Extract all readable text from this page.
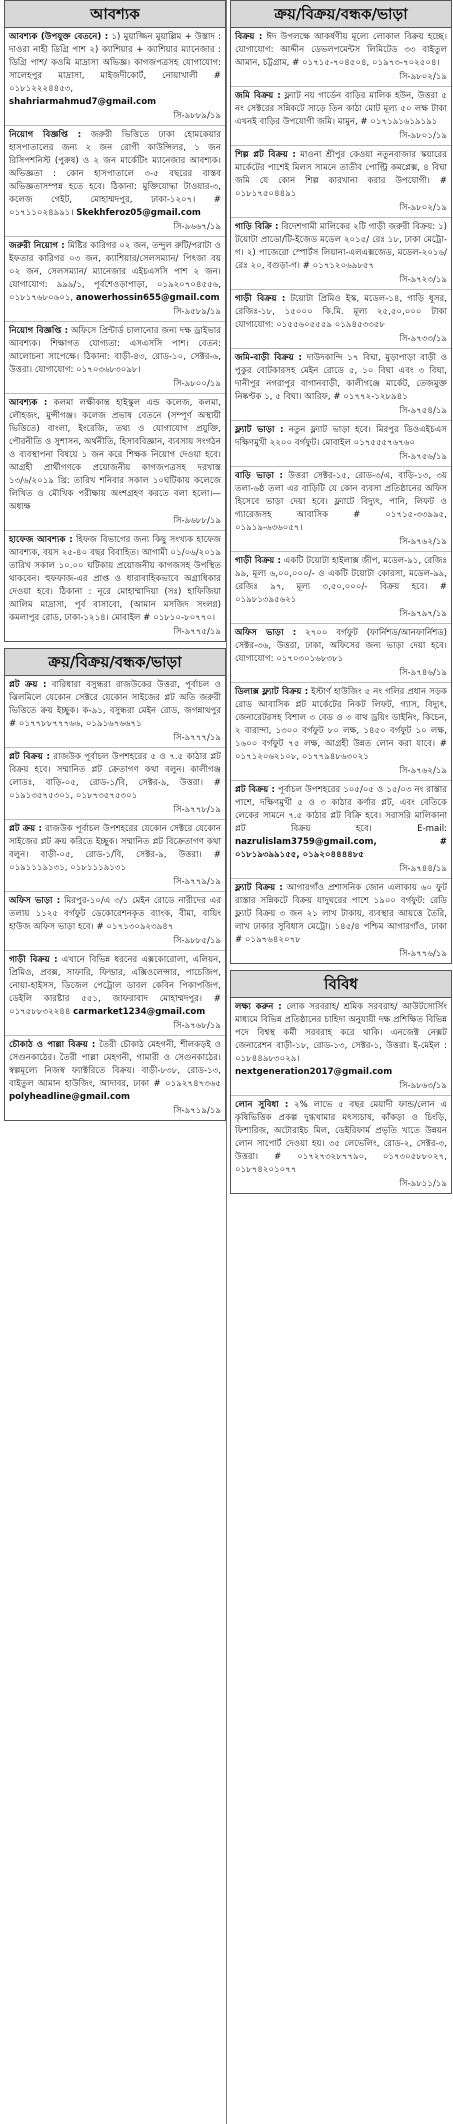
আবশ্যক
আবশ্যক (উপযুক্ত বেতনে) : ১) মুয়াজ্জিন মুয়াল্লিম + উস্তাদ : দাওরা নাহী ডিগ্রি পাশ ২) ক্যাশিয়ার + ক্যাশিয়ার ম্যানেজার : ডিগ্রি পাশ/ কওমি মাদ্রাসা অভিজ্ঞ। কাগজপত্রসহ যোগাযোগ: সালেহপুর মাদ্রাসা, মাইজদীকোর্ট, নোয়াখালী # ০১৮১২২২৪৪৫৩, shahriarmahmud7@gmail.com
সি-৯৮৮৯/১৯
নিয়োগ বিজ্ঞপ্তি : জরুরী ভিত্তিতে ঢাকা হোমকেয়ার হাসপাতালের জন্য ২ জন রোগী কাউন্সিলর, ১ জন রিসিপশনিস্ট (পুরুষ) ও ২ জন মার্কেটিং ম্যানেজার আবশ্যক। অভিজ্ঞতা : কোন হাসপাতালে ৩-৫ বছরের বাস্তব অভিজ্ঞতাসম্পন্ন হতে হবে। ঠিকানা: মুক্তিযোদ্ধা টাওয়ার-৩, কলেজ গেইট, মোহাম্মদপুর, ঢাকা-১২০৭। # ০১৭১১০২৪৯৯১। Skekhferoz05@gmail.com
সি-৯৬৬৭/১৯
জরুরী নিয়োগ : মিষ্টির কারিগর ০২ জন, তন্দুল রুটি/পরাটা ও ইফতার কারিগর ০৩ জন, ক্যাশিয়ার/সেলসম্যান/ পিৎজা বয় ০২ জন, সেলসম্যান/ ম্যানেজার এইচএসসি পাশ ২ জন। যোগাযোগ: ৯৯৯/১, পূর্বশেওড়াপাড়া, ০১৯২০৭০৪৫৫৬, ০১৮১৭৬৮০৬০১, anowerhossin655@gmail.com
সি-৯৫৮৯/১৯
নিয়োগ বিজ্ঞপ্তি : অফিসে প্রিন্টার্ড চালানোর জন্য দক্ষ ড্রাইভার আবশ্যক। শিক্ষাগত যোগ্যতা: এসএসসি পাশ। বেতন: আলোচনা সাপেক্ষে। ঠিকানা: বাড়ী-৪৩, রোড-১০, সেক্টর-৬, উত্তরা। যোগাযোগ: ০১৭০৩৬৮৩০৯৮।
সি-৯৮০০/১৯
আবশ্যক : কলমা লক্ষীকান্ত হাইস্কুল এন্ড কলেজ, কলমা, লৌহজং, মুন্সীগঞ্জ। কলেজ প্রভাষ বেতনে (সম্পূর্ণ অস্থায়ী ভিত্তিতে) বাংলা, ইংরেজি, তথ্য ও যোগাযোগ প্রযুক্তি, পৌরনীতি ও সুশাসন, অর্থনীতি, হিসাববিজ্ঞান, ব্যবসায় সংগঠন ও ব্যবস্থাপনা বিষয়ে ১ জন করে শিক্ষক নিয়োগ দেওয়া হবে। আগ্রহী প্রার্থীগণকে প্রয়োজনীয় কাগজপত্রসহ দরখাস্ত ১৩/৬/২০১৯ খ্রি: তারিখ শনিবার সকাল ১০ঘটিকায় কলেজে লিখিত ও মৌখিক পরীক্ষায় অংশগ্রহণ করতে বলা হলো।—অধ্যক্ষ
সি-৯৬৮৮/১৯
হাফেজ আবশ্যক : হিফজ বিভাগের জন্য কিছু সংখ্যক হাফেজ আবশ্যক, বয়স ২৫-৪০ বছর বিবাহিত। আগামী ০১/০৬/২০১৯ তারিখ সকাল ১০.০০ ঘটিকায় প্রয়োজনীয় কাগজসহ উপস্থিত থাকবেন। হুফফাজ-এর প্রাপ্ত ও ধারাবাহিকভাবে অগ্রাধিকার দেওয়া হবে। ঠিকানা : নূরে মোহাম্মাদিয়া (সঃ) হাফিজিয়া আলিম মাদ্রাসা, পূর্ব বাসাবো, (আমান মসজিদ সংলগ্ন) কমলাপুর রোড, ঢাকা-১২১৪। মোবাইল # ০১৮১০-৮০৭৭০।
সি-৯৭৭৫/১৯
ক্রয়/বিক্রয়/বন্ধক/ভাড়া
প্লট ক্রয় : বারিধারা বসুন্ধরা রাজউকের উত্তরা, পূর্বাচল ও ঝিলমিলে যেকোন সেক্টরে যেকোন সাইজের প্লট অতি জরুরী ভিত্তিতে ক্রয় ইচ্ছুক। ক-৯১, বসুন্ধরা মেইন রোড, জগন্নাথপুর # ০১৭৭৮৮৭৭৭৬৬, ০১৯১৬৭৬৬৭১
সি-৯৭৭৭/১৯
প্লট বিক্রয় : রাজউক পূর্বাচল উপশহরের ৫ ও ৭.৫ কাঠার প্লট বিক্রয় হবে। সম্মানিত প্লট ক্রেতাগণ কথা বলুন। কালীগঞ্জ লোডঃ, বাড়ি-০৫, রোড-১/বি, সেক্টর-৯, উত্তরা। # ০১৯১৩৫৭৫৩০১, ০১৮৭৩৫৭৫৩০১
সি-৯৭৭৮/১৯
প্লট ক্রয় : রাজউক পূর্বাচল উপশহরের যেকোন সেক্টরে যেকোন সাইজের প্লট ক্রয় করিতে ইচ্ছুক। সম্মানিত প্লট বিক্রেতাগণ কথা বলুন। বাড়ী-০৫, রোড-১/বি, সেক্টর-৯, উত্তরা। # ০১৯১১১৯১৩১, ০১৮১১১৯১৩১
সি-৯৭৭৯/১৯
অফিস ভাড়া : মিরপুর-১০/এ ৩/১ মেইন রোডে নারীদের এর তলায় ১১২৫ বর্গফুট ডেকোরেশনকৃত ব্যাংক, বীমা, বায়িং হাউজ অফিস ভাড়া হবে। # ০১৭১৩০৯২৩৯৪৭
সি-৯৮৮৫/১৯
গাড়ী বিক্রয় : এখানে বিভিন্ন ধরনের এক্সকোরোলা, এলিয়ন, প্রিমিও, প্রবক্স, সাফারি, ফিল্ডার, এক্সিওলেন্সার, পাচেজিপ, নোয়া-হাইসস, ডিজেল পেট্রোল ডাবল কেবিন পিকাপজিপ, ডেইলি কারষ্টার ৫৫১, জাফরাবাদ মোহাম্মদপুর। # ০১৭৫৮৮৩২২৪৪ carmarket1234@gmail.com
সি-৯৭৬৮/১৯
চৌকাঠ ও পাল্লা বিক্রয় : তৈরী চৌকাঠ মেহগনী, শীলকড়ই ও সেগুনকাঠের। তৈরী পাল্লা মেহগনী, গামারী ও সেগুনকাঠের। স্বল্পমূল্যে নিজস্ব ফ্যাক্টরিতে বিক্রয়। বাড়ী-৮৩৮, রোড-১৩, বাইতুল আমান হাউজিং, আদাবর, ঢাকা # ০১৯২৭৪৭৩৬৫ polyheadline@gmail.com
সি-৯৭১৯/১৯
ক্রয়/বিক্রয়/বন্ধক/ভাড়া
বিক্রয় : ঈদ উপলক্ষে আকর্ষণীয় মূল্যে লোকাল বিক্রয় হচ্ছে। যোগাযোগ: আদ্দীন ডেভলপমেন্টস লিমিটেড ৩৩ বাইতুল আমান, চট্টগ্রাম, # ০১৭১৫-৭০৪৫০৪, ০১৯৭৩-৭০২৫০৪।
সি-৯৮০২/১৯
জমি বিক্রয় : ফ্ল্যাট নয় গার্ডেন বাড়ির মালিক হউন, উত্তরা ৫ নং সেক্টরের সন্নিকটে সাড়ে তিন কাঠা মোট মূল্য ৫০ লক্ষ টাকা এখনই বাড়ির উপযোগী জমি। মামুন, # ০১৭১৯১৬১৯১৯১
সি-৯৮০১/১৯
শিল্প প্লট বিক্রয় : মাওনা শ্রীপুর কেওয়া নতুনবাজার স্কয়ারের মার্কেটের পাশেই মিলস সামনে তাতীব পোল্ট্রি কমপ্লেক্স, ৪ বিঘা জমি যে কোন শিল্প কারখানা করার উপযোগী। # ০১৮১৭৫০৪৪৯১
সি-৯৮০২/১৯
গাড়ি বিক্রি : বিদেশগামী মালিকের ২টি গাড়ী জরুরী বিক্রয়: ১) টয়োটা প্রাডো/টি-ইজেড মডেল ২০১৫/ রেঃ ১৮, ঢাকা মেট্রো-গ। ২) পাজেরো স্পোর্টস লিয়ানা-এলএক্সজেড, মডেল-২০১৬/রেঃ ২০, বগুড়া-গ। # ০১৭১২০৬৯৮৫৭
সি-৯৭২৩/১৯
গাড়ী বিক্রয় : টয়োটা প্রিমিও ইস্ক, মডেল-১৪, গাড়ি ধূসর, রেজিঃ-১৮, ১৫০০০ কি.মি. মূল্য ২৫,৫০,০০০ টাকা যোগাযোগ: ০১৫৫৬০৫৫৫৯ ০১৯৪৫৩৩৫৮
সি-৯৭৩৩/১৯
জমি-বাড়ী বিক্রয় : দাউদকান্দি ১৭ বিঘা, মুড়াপাড়া বাড়ী ও পুকুর বোটকারসহ মেইন রোডে ৫, ১০ বিঘা এবং ৩ বিঘা, দানীপুর নগরাপুর বাগানবাড়ী, কালীগঞ্জে মার্কেট, তেজমুক্ত নিষ্কণ্টক ১, ৫ বিঘা। আরিফ, # ০১৭৭২-১২৮৯৪১
সি-৯৭৫৪/১৯
ফ্ল্যাট ভাড়া : নতুন ফ্ল্যাট ভাড়া হবে। মিরপুর ডিওএইচএস দক্ষিণমুখী ২২০০ বর্গফুট। মোবাইল ০১৭৫৫৫৭৬৭৬০
সি-৯৭৫৬/১৯
বাড়ি ভাড়া : উত্তরা সেক্টর-১৫, রোড-৩/এ, বাড়ি-১৩, ৩য় তলা-৬ষ্ঠ তলা এর বাড়িটি যে কোন ব্যবসা প্রতিষ্ঠানের অফিস হিসেবে ভাড়া দেয়া হবে। ফ্ল্যাটে বিদ্যুৎ, পানি, লিফট ও গ্যারেজসহ আবাসিক # ০১৭১৫-৩৩৯৯৫, ০১৯১৯-৬৩৬০৫৭।
সি-৯৭৬২/১৯
গাড়ী বিক্রয় : একটি টয়োটা হাইলাক্স জীপ, মডেল-৯১, রেজিঃ ৯৯, মূল্য ৬,০০,০০০/- ও একটি টয়োটা কোরসা, মডেল-৯৯, রেজিঃ ৯৭, মূল্য ৩,৫০,০০০/- বিক্রয় হবে। # ০১৯৮১৩৯৫৬২১
সি-৯৭৯৭/১৯
অফিস ভাড়া : ২৭০০ বর্গফুট (ফার্নিশড/আনফার্নিশড) সেক্টর-৩৬, উত্তরা, ঢাকা, অফিসের জন্য ভাড়া দেয়া হবে। যোগাযোগ: ০১৭০৩০১৬৮৩৮১
সি-৯৭৪৬/১৯
ডিলাক্স ফ্ল্যাট বিক্রয় : ইস্টার্ণ হাউজিং ৫ নং গলির প্রধান সড়ক রোড আবাসিক প্লট মার্কেটের নিকট লিফট, গ্যাস, বিদ্যুৎ, জেনারেটরসহ বিশাল ৩ বেড ও ৩ বাথ ড্রয়িং ডাইনিং, কিচেন, ২ বারান্দা, ১৩০০ বর্গফুট ৮০ লক্ষ, ১৪৫০ বর্গফুট ১০ লক্ষ, ১৬০০ বর্গফুট ৭৫ লক্ষ, আগ্রহী উন্নত লোন করা যাবে। # ০১৭১২০৬২১০৮, ০১৭৭৯৪৮৬৩০২১
সি-৯৭৬২/১৯
প্লট বিক্রয় : পূর্বাচল উপশহরের ১০৫/০৫ ও ১৫/০৩ নং রাস্তার পাশে, দক্ষিণমুখী ৫ ও ৩ কাঠার কর্ণার প্লট, এবং বেতিকে লেকের সামনে ৭.৫ কাঠার প্লট বিক্রি হবে। সরাসরি মালিকানা প্লট বিক্রয় হবে। E-mail: nazrulislam3759@gmail.com, # ০১৮১৯৩৯৯১৫৫, ০১৯২০৪৪৪৪৮৫
সি-৯৭৪৪/১৯
ফ্ল্যাট বিক্রয় : আগারগাঁও প্রশাসনিক জোন এলাকায় ৬০ ফুট রাস্তার সন্নিকটে বিক্রয় যাদুঘরের পাশে ১৯০০ বর্গফুট: রেডি ফ্ল্যাট বিক্রয় ৩ জন ২১ লাখ টাকায়, ব্যবস্থার আয়ত্তে তৈরি, লাখ ঢাকার সুবিধাস মেট্রো। ১৪৫/৪ পশ্চিম আগারগাঁও, ঢাকা # ০১৯৭৬৪২০৭৮
সি-৯৭৭৬/১৯
বিবিধ
লক্ষ্য করুন : লোক সরবরাহ/ শ্রমিক সরবরাহ/ আউটসোর্সিং মাধ্যমে বিভিন্ন প্রতিষ্ঠানের চাহিদা অনুযায়ী দক্ষ প্রশিক্ষিত বিভিন্ন পদে বিশ্বস্থ কর্মী সরবরাহ করে থাকি। এনজেক্ট নেক্সট জেনারেশন বাড়ী-১৮, রোড-১৩, সেক্টর-১, উত্তরা। ই-মেইল : ০১৮৪৪৯৮৩০২৯। nextgeneration2017@gmail.com
সি-৯৮৬৩/১৯
লোন সুবিধা : ২% লাভে ৫ বছর মেয়াদী ফান্ড/লোন এ কৃষিভিত্তিক প্রকল্প দুগ্ধখামার মৎস্যচাষ, কাঁকড়া ও চিংড়ি, ফিশারিজ, অটোরাইচ মিল, ডেইরিফার্ম প্রভৃতি খাতে উন্নয়ন লোন সাপোর্ট দেওয়া হয়। ৩৫ লেভেলিং, রোড-২, সেক্টর-৩, উত্তরা। # ০১৭২৭৩২৮৭৭৯০, ০১৭৩০৫৮৮০২৭, ০১৮৭৪২০১০৭৭
সি-৯৮১১/১৯
